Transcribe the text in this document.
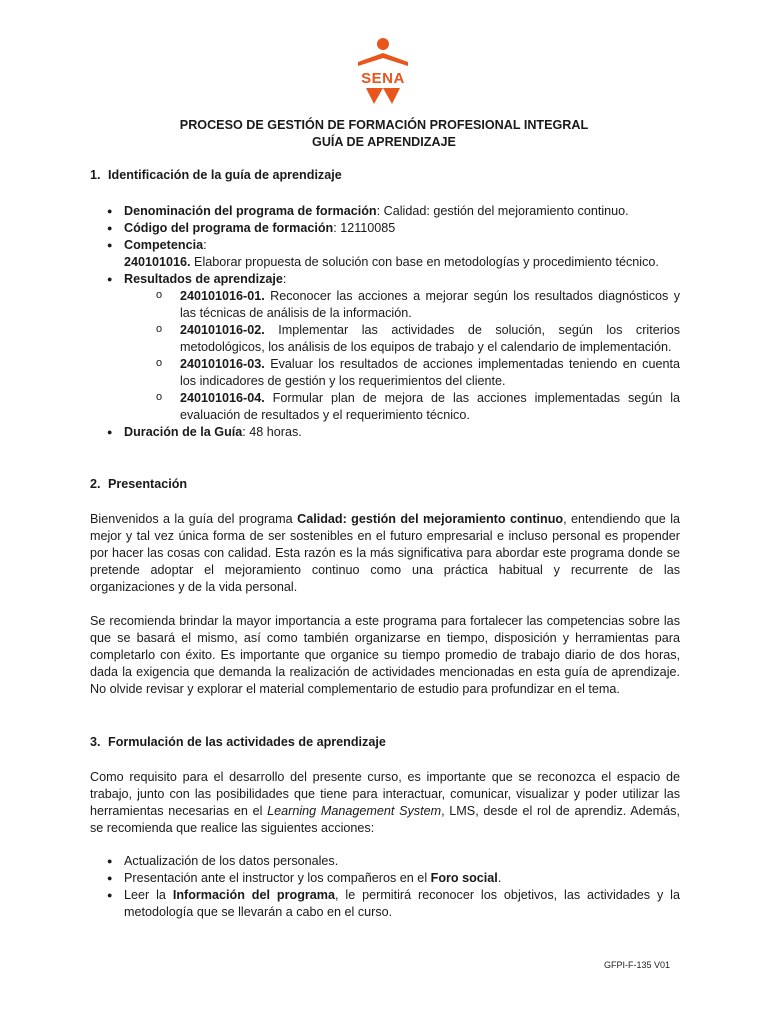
SENA
PROCESO DE GESTIÓN DE FORMACIÓN PROFESIONAL INTEGRAL
GUÍA DE APRENDIZAJE
1. Identificación de la guía de aprendizaje
● Denominación del programa de formación: Calidad: gestión del mejoramiento continuo.
● Código del programa de formación: 12110085
● Competencia:
240101016. Elaborar propuesta de solución con base en metodologías y procedimiento técnico.
● Resultados de aprendizaje:
o 240101016-01. Reconocer las acciones a mejorar según los resultados diagnósticos y las técnicas de análisis de la información.
o 240101016-02. Implementar las actividades de solución, según los criterios metodológicos, los análisis de los equipos de trabajo y el calendario de implementación.
o 240101016-03. Evaluar los resultados de acciones implementadas teniendo en cuenta los indicadores de gestión y los requerimientos del cliente.
o 240101016-04. Formular plan de mejora de las acciones implementadas según la evaluación de resultados y el requerimiento técnico.
● Duración de la Guía: 48 horas.
2. Presentación
Bienvenidos a la guía del programa Calidad: gestión del mejoramiento continuo, entendiendo que la mejor y tal vez única forma de ser sostenibles en el futuro empresarial e incluso personal es propender por hacer las cosas con calidad. Esta razón es la más significativa para abordar este programa donde se pretende adoptar el mejoramiento continuo como una práctica habitual y recurrente de las organizaciones y de la vida personal.
Se recomienda brindar la mayor importancia a este programa para fortalecer las competencias sobre las que se basará el mismo, así como también organizarse en tiempo, disposición y herramientas para completarlo con éxito. Es importante que organice su tiempo promedio de trabajo diario de dos horas, dada la exigencia que demanda la realización de actividades mencionadas en esta guía de aprendizaje. No olvide revisar y explorar el material complementario de estudio para profundizar en el tema.
3. Formulación de las actividades de aprendizaje
Como requisito para el desarrollo del presente curso, es importante que se reconozca el espacio de trabajo, junto con las posibilidades que tiene para interactuar, comunicar, visualizar y poder utilizar las herramientas necesarias en el Learning Management System, LMS, desde el rol de aprendiz. Además, se recomienda que realice las siguientes acciones:
● Actualización de los datos personales.
● Presentación ante el instructor y los compañeros en el Foro social.
● Leer la Información del programa, le permitirá reconocer los objetivos, las actividades y la metodología que se llevarán a cabo en el curso.
GFPI-F-135 V01
